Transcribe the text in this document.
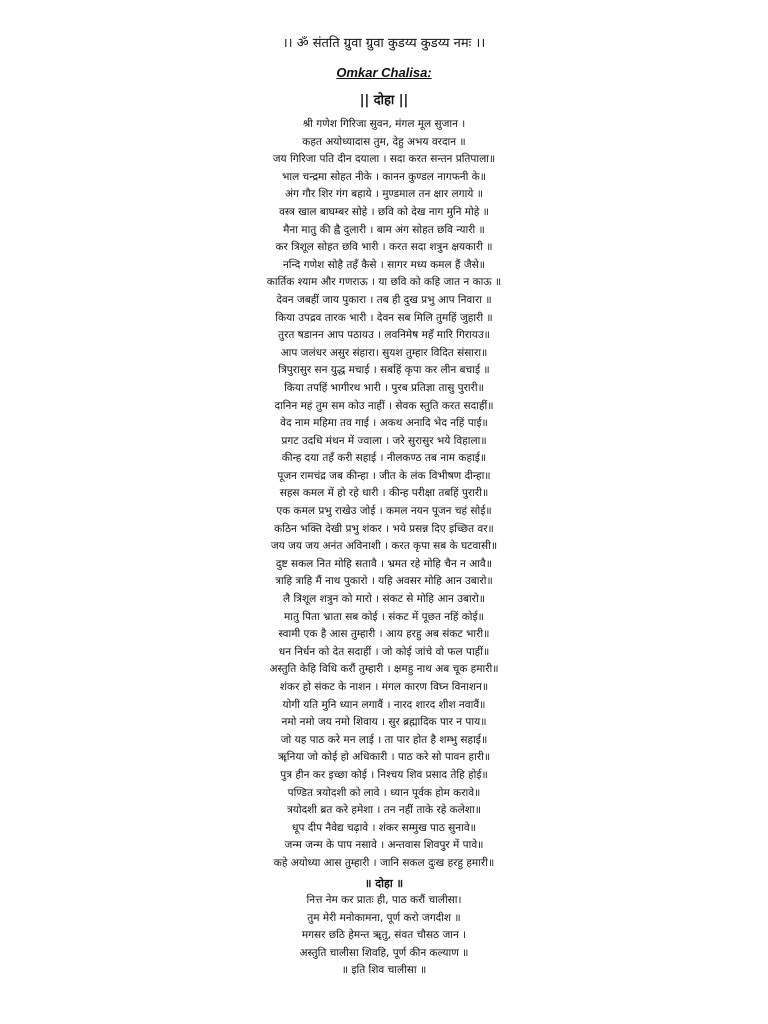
।। ॐ संतति ग्रुवा ग्रुवा कुडय्य कुडय्य नमः ।।
Omkar Chalisa:
|| दोहा ||
श्री गणेश गिरिजा सुवन, मंगल मूल सुजान ।
कहत अयोध्यादास तुम, देहु अभय वरदान ॥
जय गिरिजा पति दीन दयाला । सदा करत सन्तन प्रतिपाला॥
भाल चन्द्रमा सोहत नीके । कानन कुण्डल नागफनी के॥
अंग गौर शिर गंग बहाये । मुण्डमाल तन क्षार लगाये ॥
वस्त्र खाल बाघम्बर सोहे । छवि को देख नाग मुनि मोहे ॥
मैना मातु की ह्वै दुलारी । बाम अंग सोहत छवि न्यारी ॥
कर त्रिशूल सोहत छवि भारी । करत सदा शत्रुन क्षयकारी ॥
नन्दि गणेश सोहै तहँ कैसे । सागर मध्य कमल हैं जैसे॥
कार्तिक श्याम और गणराऊ । या छवि को कहि जात न काऊ ॥
देवन जबहीं जाय पुकारा । तब ही दुख प्रभु आप निवारा ॥
किया उपद्रव तारक भारी । देवन सब मिलि तुमहिं जुहारी ॥
तुरत षडानन आप पठायउ । लवनिमेष महँ मारि गिरायउ॥
आप जलंधर असुर संहारा। सुयश तुम्हार विदित संसारा॥
त्रिपुरासुर सन युद्ध मचाई । सबहिं कृपा कर लीन बचाई ॥
किया तपहिं भागीरथ भारी । पुरब प्रतिज्ञा तासु पुरारी॥
दानिन महं तुम सम कोउ नाहीं । सेवक स्तुति करत सदाहीं॥
वेद नाम महिमा तव गाई । अकथ अनादि भेद नहिं पाई॥
प्रगट उदधि मंथन में ज्वाला । जरे सुरासुर भये विहाला॥
कीन्ह दया तहँ करी सहाई । नीलकण्ठ तब नाम कहाई॥
पूजन रामचंद्र जब कीन्हा । जीत के लंक विभीषण दीन्हा॥
सहस कमल में हो रहे धारी । कीन्ह परीक्षा तबहिं पुरारी॥
एक कमल प्रभु राखेउ जोई । कमल नयन पूजन चहं सोई॥
कठिन भक्ति देखी प्रभु शंकर । भये प्रसन्न दिए इच्छित वर॥
जय जय जय अनंत अविनाशी । करत कृपा सब के घटवासी॥
दुष्ट सकल नित मोहि सतावै । भ्रमत रहे मोहि चैन न आवै॥
त्राहि त्राहि मैं नाथ पुकारो । यहि अवसर मोहि आन उबारो॥
लै त्रिशूल शत्रुन को मारो । संकट से मोहि आन उबारो॥
मातु पिता भ्राता सब कोई । संकट में पूछत नहिं कोई॥
स्वामी एक है आस तुम्हारी । आय हरहु अब संकट भारी॥
धन निर्धन को देत सदाहीं । जो कोई जांचे वो फल पाहीं॥
अस्तुति केहि विधि करौं तुम्हारी । क्षमहु नाथ अब चूक हमारी॥
शंकर हो संकट के नाशन । मंगल कारण विघ्न विनाशन॥
योगी यति मुनि ध्यान लगावैं । नारद शारद शीश नवावैं॥
नमो नमो जय नमो शिवाय । सुर ब्रह्मादिक पार न पाय॥
जो यह पाठ करे मन लाई । ता पार होत है शम्भु सहाई॥
ॠनिया जो कोई हो अधिकारी । पाठ करे सो पावन हारी॥
पुत्र हीन कर इच्छा कोई । निश्चय शिव प्रसाद तेहि होई॥
पण्डित त्रयोदशी को लावे । ध्यान पूर्वक होम करावे॥
त्रयोदशी ब्रत करे हमेशा । तन नहीं ताके रहे कलेशा॥
धूप दीप नैवेद्य चढ़ावे । शंकर सम्मुख पाठ सुनावे॥
जन्म जन्म के पाप नसावे । अन्तवास शिवपुर में पावे॥
कहे अयोध्या आस तुम्हारी । जानि सकल दुःख हरहु हमारी॥
॥ दोहा ॥
नित्त नेम कर प्रातः ही, पाठ करौं चालीसा।
तुम मेरी मनोकामना, पूर्ण करो जगदीश ॥
मगसर छठि हेमन्त ॠतु, संवत चौसठ जान ।
अस्तुति चालीसा शिवहि, पूर्ण कीन कल्याण ॥
॥ इति शिव चालीसा ॥
